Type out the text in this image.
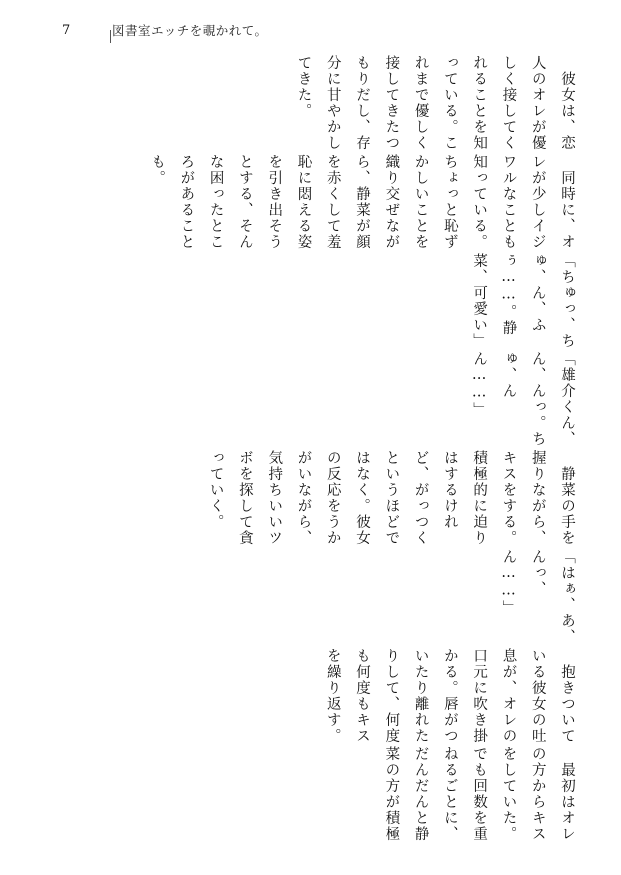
7	図書室エッチを覗かれて。

　彼女は、恋人のオレが優しく接してくれることを知っている。これまで優しく接してきたつもりだし、存分に甘やかしてきた。

　同時に、オレが少しイジワルなことも知っている。ちょっと恥ずかしいことを織り交ぜながら、静菜が顔を赤くして羞恥に悶える姿を引き出そうとする、そんな困ったところがあることも。

「ちゅっ、ちゅ、ん、ふぅ……。静菜、可愛い」

「雄介くん、ん、んっ。ちゅ、んん……」

　静菜の手を握りながら、キスをする。積極的に迫りはするけれど、がっつくというほどではなく。彼女の反応をうかがいながら、気持ちいいツボを探して貪っていく。

「はぁ、あ、んっ、ん……」

　抱きついている彼女の吐息が、オレの口元に吹き掛かる。唇がついたり離れたりして、何度も何度もキスを繰り返す。

　最初はオレの方からキスをしていた。でも回数を重ねるごとに、だんだんと静菜の方が積極
